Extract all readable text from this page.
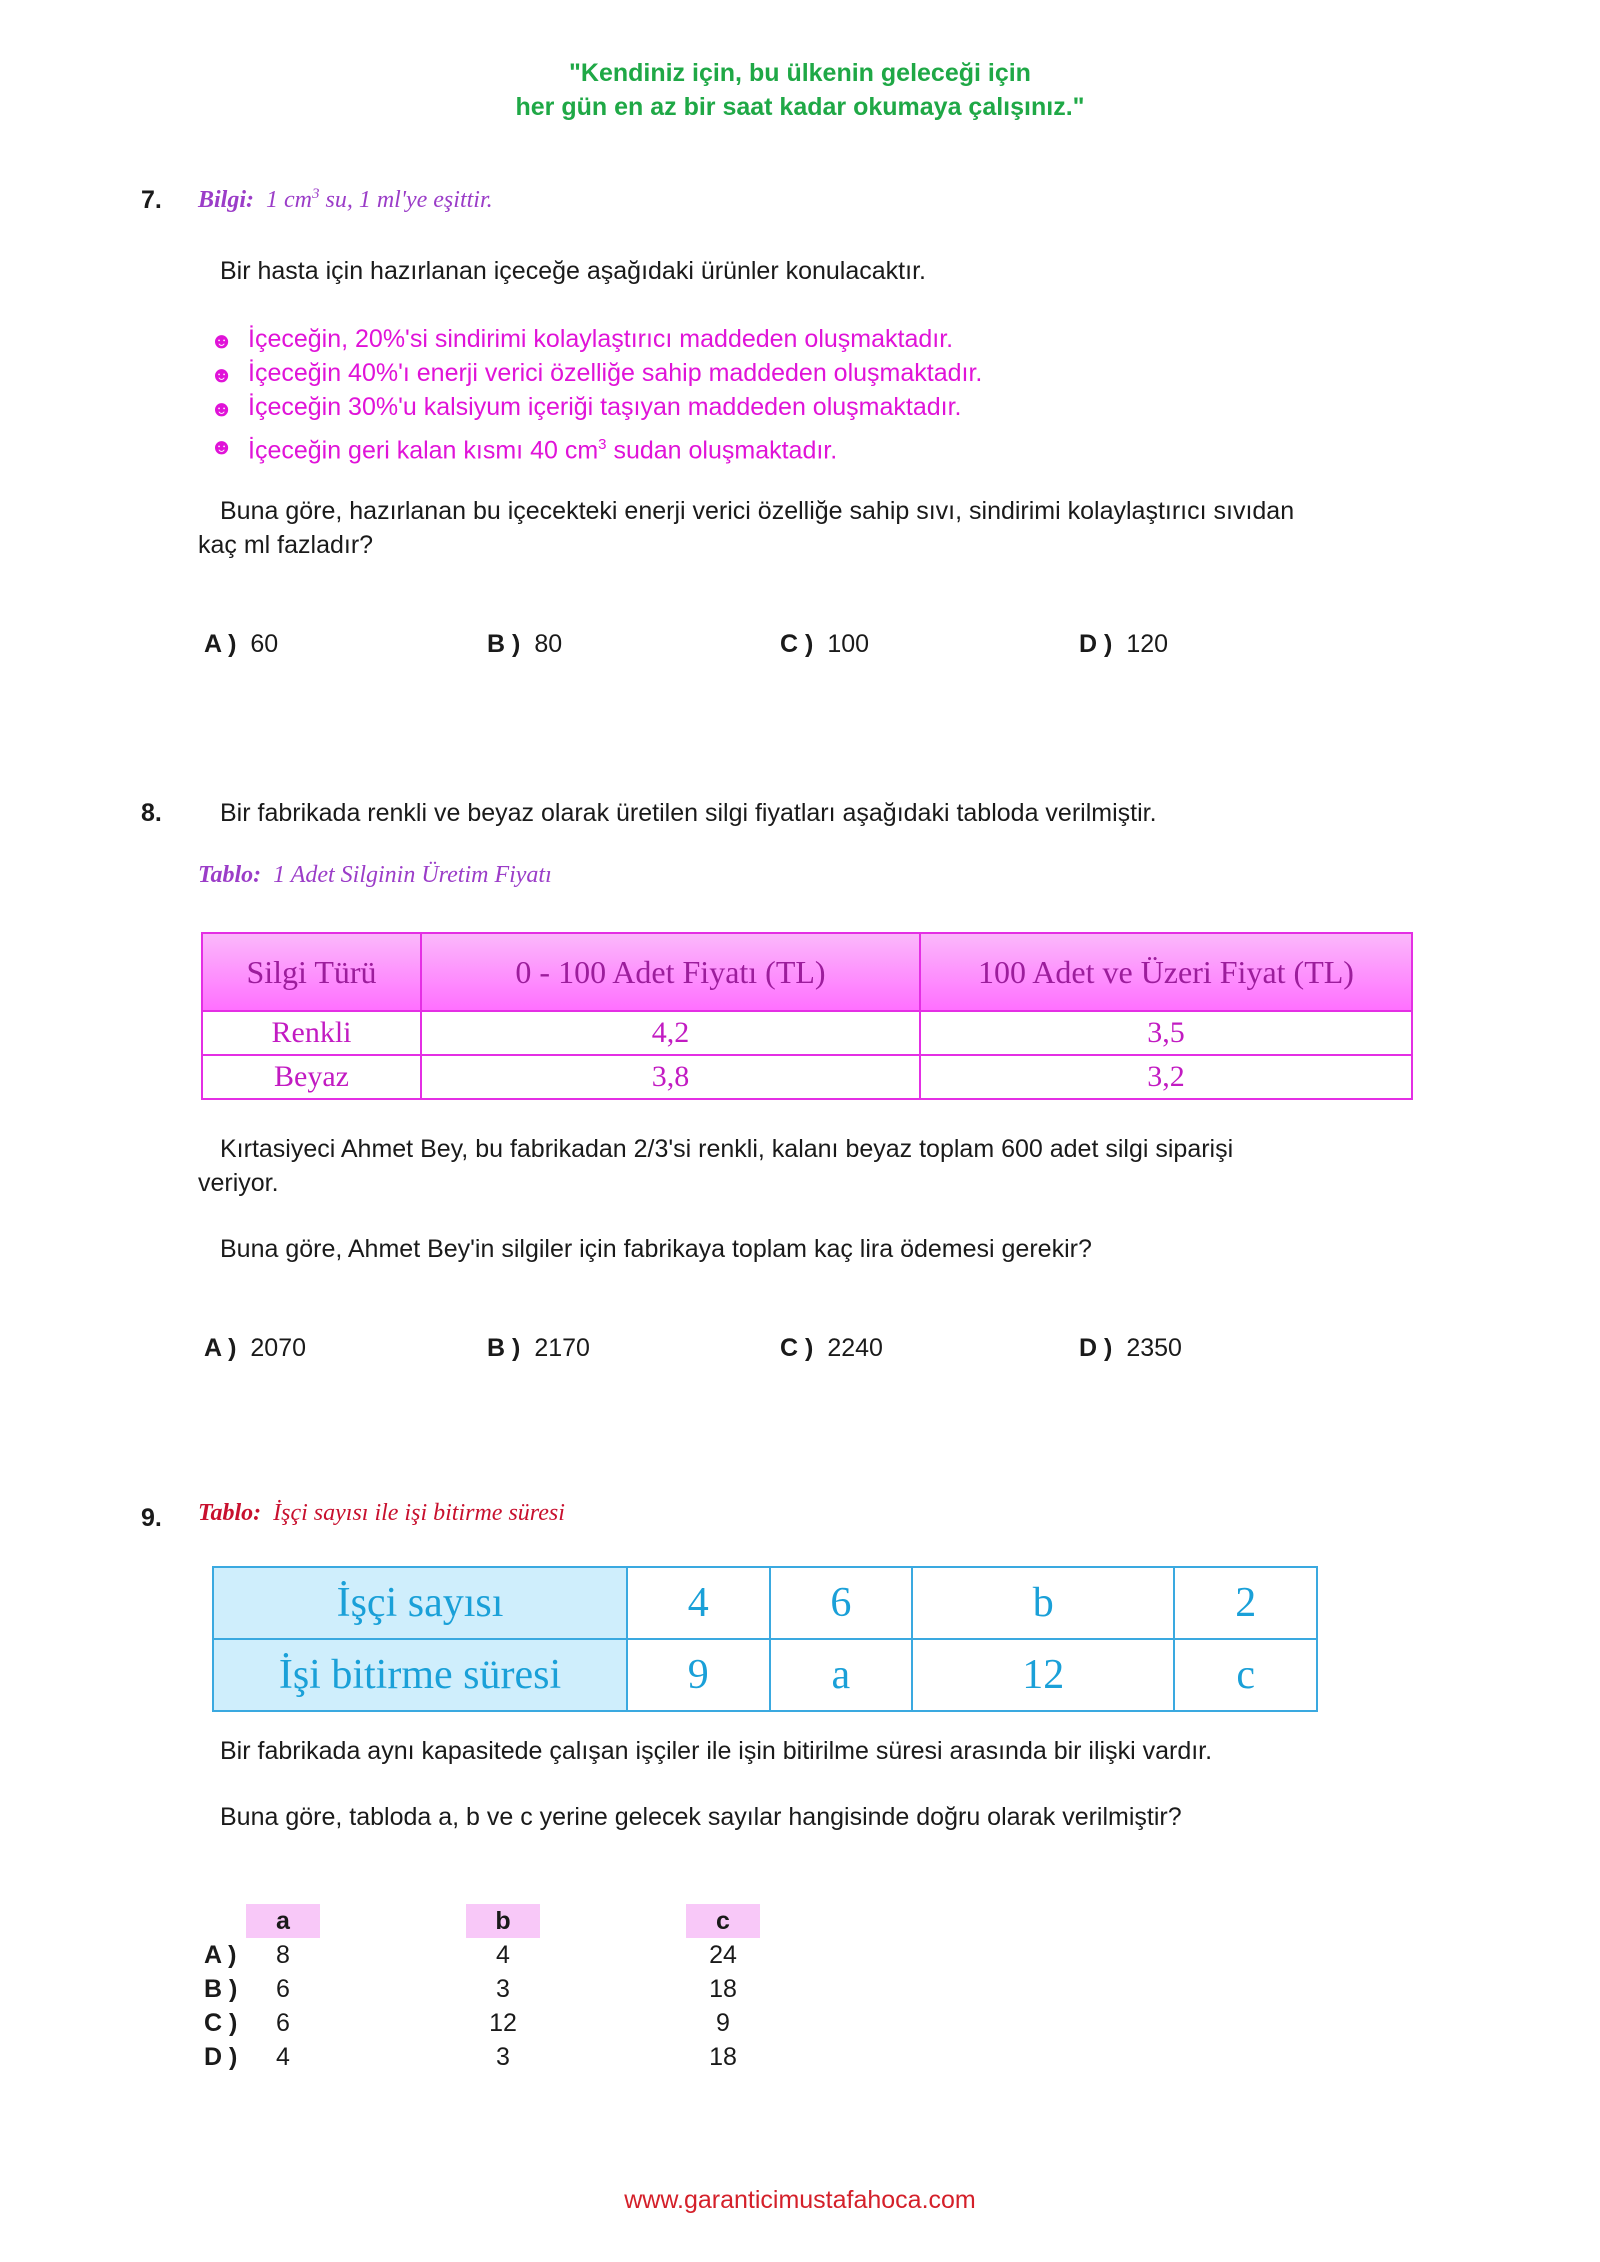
"Kendiniz için, bu ülkenin geleceği için
her gün en az bir saat kadar okumaya çalışınız."
7. Bilgi: 1 $cm^3$ su, 1 ml'ye eşittir.
Bir hasta için hazırlanan içeceğe aşağıdaki ürünler konulacaktır.
☻ İçeceğin, 20%'si sindirimi kolaylaştırıcı maddeden oluşmaktadır.
☻ İçeceğin 40%'ı enerji verici özelliğe sahip maddeden oluşmaktadır.
☻ İçeceğin 30%'u kalsiyum içeriği taşıyan maddeden oluşmaktadır.
☻ İçeceğin geri kalan kısmı 40 $cm^3$ sudan oluşmaktadır.
Buna göre, hazırlanan bu içecekteki enerji verici özelliğe sahip sıvı, sindirimi kolaylaştırıcı sıvıdan
kaç ml fazladır?
A ) 60	B ) 80	C ) 100	D ) 120
8. Bir fabrikada renkli ve beyaz olarak üretilen silgi fiyatları aşağıdaki tabloda verilmiştir.
Tablo: 1 Adet Silginin Üretim Fiyatı
Silgi Türü	0 - 100 Adet Fiyatı (TL)	100 Adet ve Üzeri Fiyat (TL)
Renkli	4,2	3,5
Beyaz	3,8	3,2
Kırtasiyeci Ahmet Bey, bu fabrikadan 2/3'si renkli, kalanı beyaz toplam 600 adet silgi siparişi
veriyor.
Buna göre, Ahmet Bey'in silgiler için fabrikaya toplam kaç lira ödemesi gerekir?
A ) 2070	B ) 2170	C ) 2240	D ) 2350
9. Tablo: İşçi sayısı ile işi bitirme süresi
İşçi sayısı	4	6	b	2
İşi bitirme süresi	9	a	12	c
Bir fabrikada aynı kapasitede çalışan işçiler ile işin bitirilme süresi arasında bir ilişki vardır.
Buna göre, tabloda a, b ve c yerine gelecek sayılar hangisinde doğru olarak verilmiştir?
a	b	c
A )	8	4	24
B )	6	3	18
C )	6	12	9
D )	4	3	18
www.garanticimustafahoca.com
